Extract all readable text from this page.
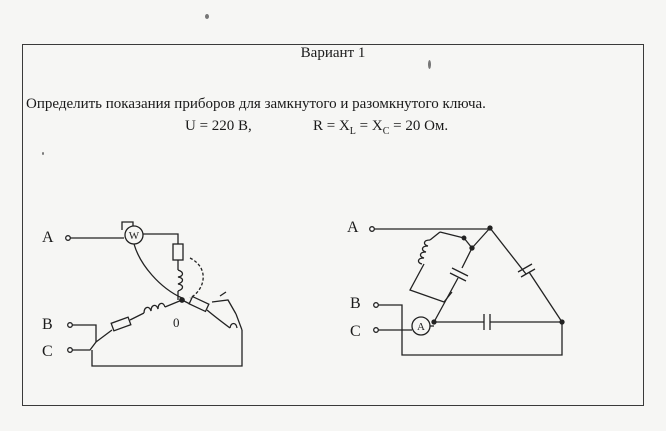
Вариант 1
Определить показания приборов для замкнутого и разомкнутого ключа.
U = 220 В,	$R = X_L = X_C = 20$ Ом.
A
B
C
A
B
C
W
0	A
